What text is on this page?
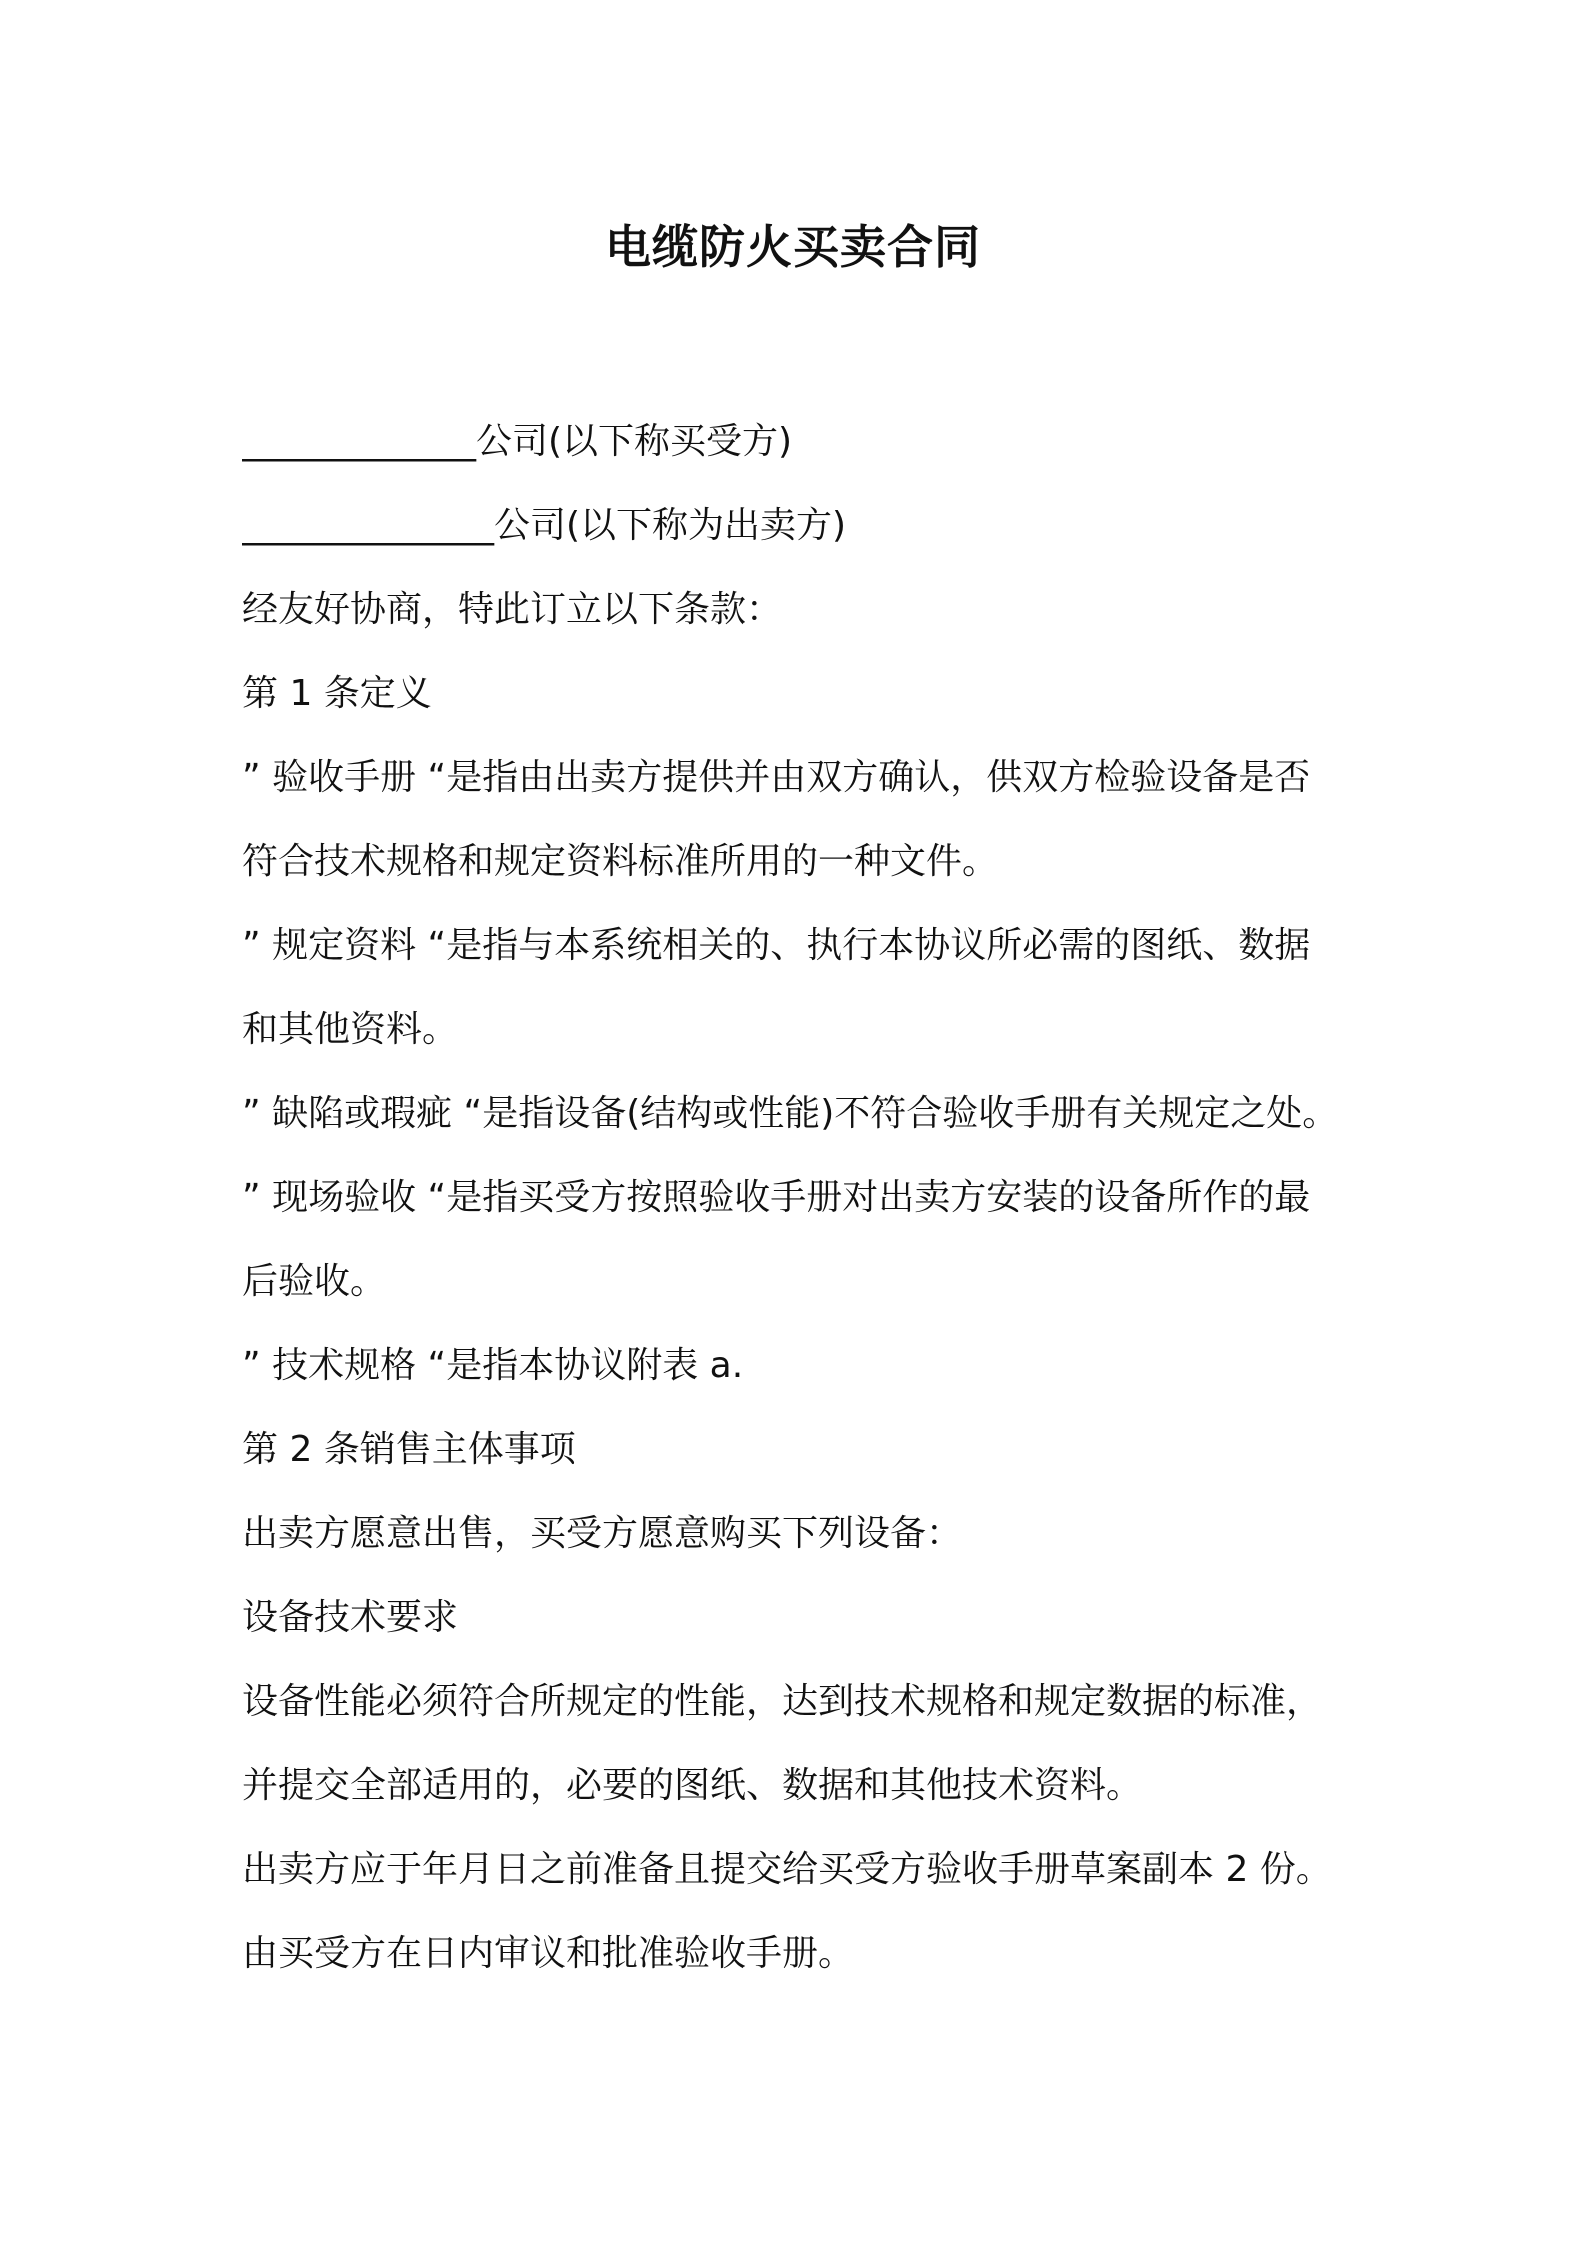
电缆防火买卖合同
_____________公司(以下称买受方)
______________公司(以下称为出卖方)
经友好协商，特此订立以下条款：
第 1 条定义
” 验收手册 “是指由出卖方提供并由双方确认，供双方检验设备是否
符合技术规格和规定资料标准所用的一种文件。
” 规定资料 “是指与本系统相关的、执行本协议所必需的图纸、数据
和其他资料。
” 缺陷或瑕疵 “是指设备(结构或性能)不符合验收手册有关规定之处。
” 现场验收 “是指买受方按照验收手册对出卖方安装的设备所作的最
后验收。
” 技术规格 “是指本协议附表 a.
第 2 条销售主体事项
出卖方愿意出售，买受方愿意购买下列设备：
设备技术要求
设备性能必须符合所规定的性能，达到技术规格和规定数据的标准，
并提交全部适用的，必要的图纸、数据和其他技术资料。
出卖方应于年月日之前准备且提交给买受方验收手册草案副本 2 份。
由买受方在日内审议和批准验收手册。
